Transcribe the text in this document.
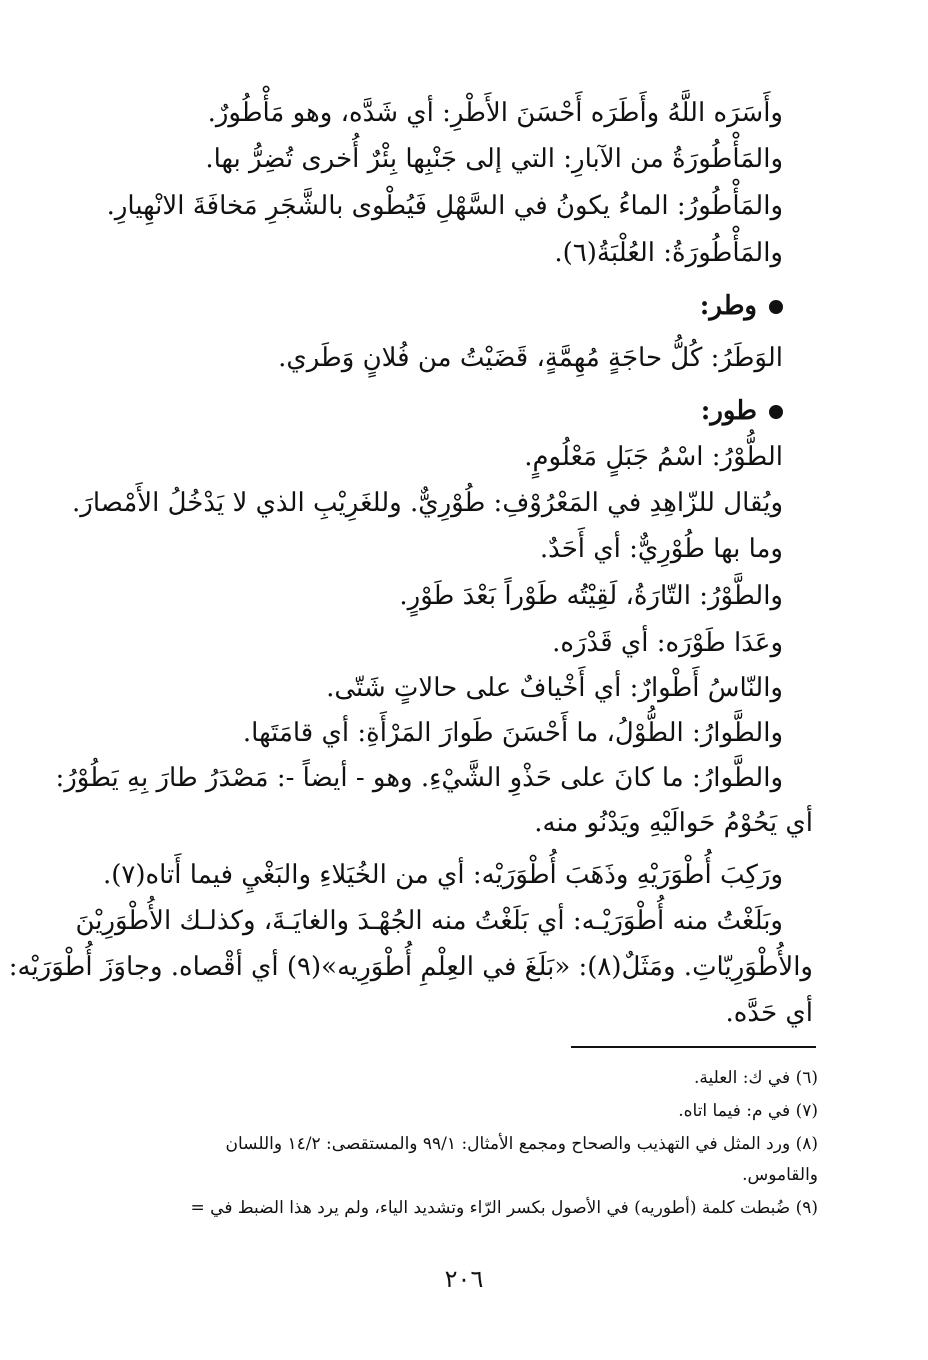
وأَسَرَه اللَّهُ وأَطَرَه أَحْسَنَ الأَطْرِ: أي شَدَّه، وهو مَأْطُورٌ.
والمَأْطُورَةُ من الآبارِ: التي إلى جَنْبِها بِئْرٌ أُخرى تُضِرُّ بها.
والمَأْطُورُ: الماءُ يكونُ في السَّهْلِ فَيُطْوى بالشَّجَرِ مَخافَةَ الانْهِيارِ.
والمَأْطُورَةُ: العُلْبَةُ(٦).
وطر:
الوَطَرُ: كُلُّ حاجَةٍ مُهِمَّةٍ، قَضَيْتُ من فُلانٍ وَطَري.
طور:
الطُّوْرُ: اسْمُ جَبَلٍ مَعْلُومٍ.
ويُقال للزّاهِدِ في المَعْرُوْفِ: طُوْرِيٌّ. وللغَرِيْبِ الذي لا يَدْخُلُ الأَمْصارَ.
وما بها طُوْرِيٌّ: أي أَحَدٌ.
والطَّوْرُ: التّارَةُ، لَقِيْتُه طَوْراً بَعْدَ طَوْرٍ.
وعَدَا طَوْرَه: أي قَدْرَه.
والنّاسُ أَطْوارٌ: أي أَخْيافٌ على حالاتٍ شَتّى.
والطَّوارُ: الطُّوْلُ، ما أَحْسَنَ طَوارَ المَرْأَةِ: أي قامَتَها.
والطَّوارُ: ما كانَ على حَذْوِ الشَّيْءِ. وهو - أيضاً -: مَصْدَرُ طارَ بِهِ يَطُوْرُ:
أي يَحُوْمُ حَوالَيْهِ ويَدْنُو منه.
ورَكِبَ أُطْوَرَيْهِ وذَهَبَ أُطْوَرَيْه: أي من الخُيَلاءِ والبَغْيِ فيما أَتاه(٧).
وبَلَغْتُ منه أُطْوَرَيْـه: أي بَلَغْتُ منه الجُهْـدَ والغايَـةَ، وكذلـك الأُطْوَرِيْنَ
والأُطْوَرِيّاتِ. ومَثَلٌ(٨): «بَلَغَ في العِلْمِ أُطْوَرِيه»(٩) أي أقْصاه. وجاوَزَ أُطْوَرَيْه:
أي حَدَّه.
(٦) في ك: العلية.
(٧) في م: فيما اتاه.
(٨) ورد المثل في التهذيب والصحاح ومجمع الأمثال: ٩٩/١ والمستقصى: ١٤/٢ واللسان
والقاموس.
(٩) ضُبطت كلمة (أطوريه) في الأصول بكسر الرّاء وتشديد الياء، ولم يرد هذا الضبط في =
٢٠٦
